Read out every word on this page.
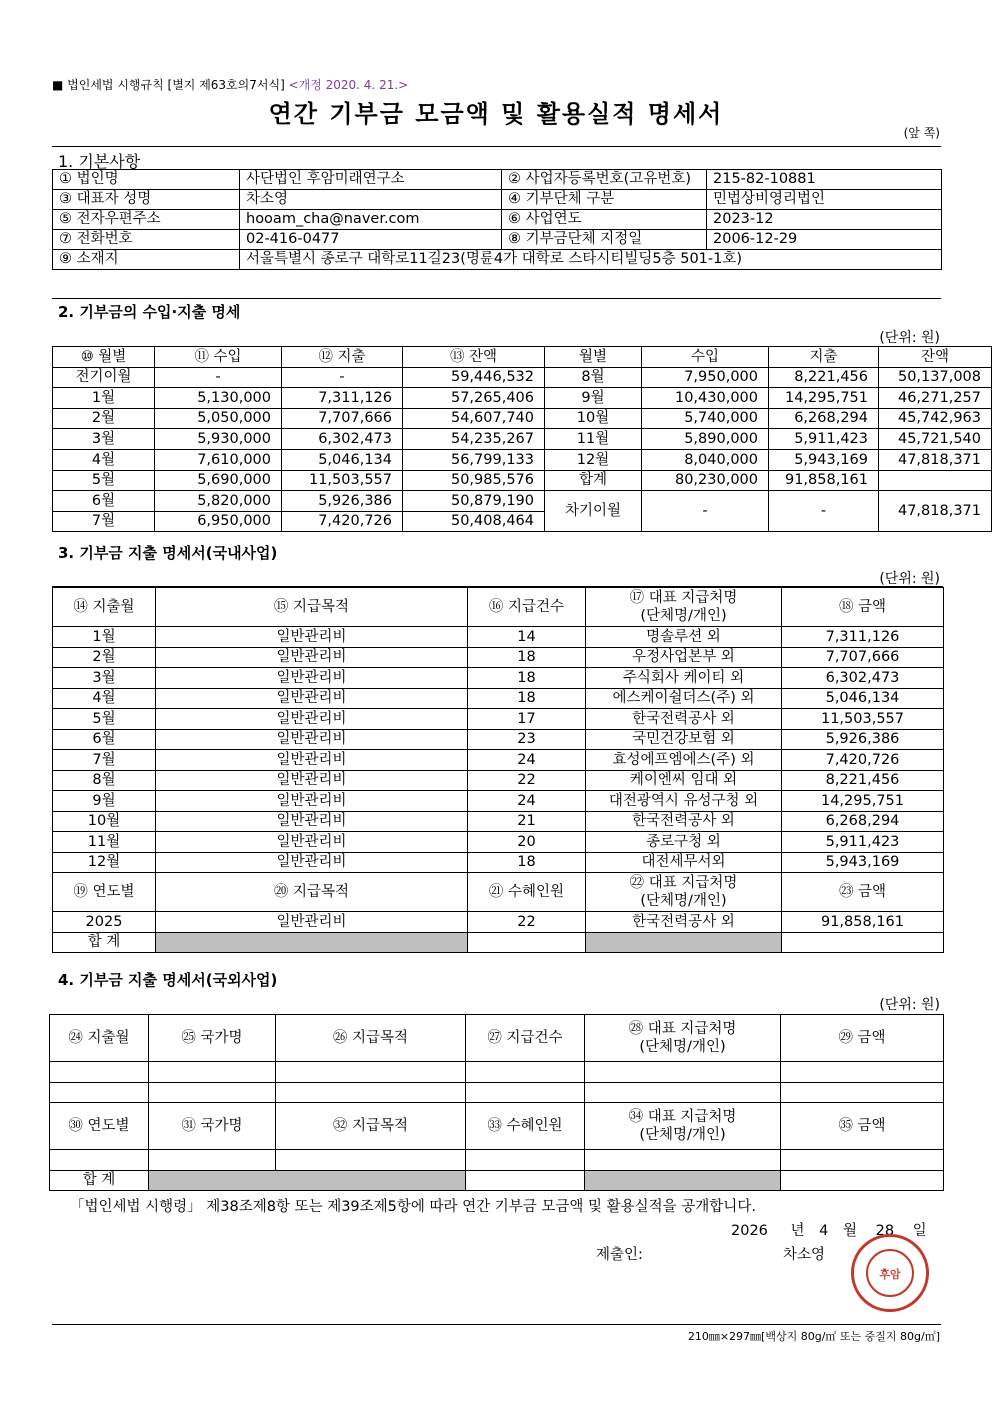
■ 법인세법 시행규칙 [별지 제63호의7서식] <개정 2020. 4. 21.>
연간 기부금 모금액 및 활용실적 명세서
(앞 쪽)
1. 기본사항
① 법인명	사단법인 후암미래연구소	② 사업자등록번호(고유번호)	215-82-10881
③ 대표자 성명	차소영	④ 기부단체 구분	민법상비영리법인
⑤ 전자우편주소	hooam_cha@naver.com	⑥ 사업연도	2023-12
⑦ 전화번호	02-416-0477	⑧ 기부금단체 지정일	2006-12-29
⑨ 소재지	서울특별시 종로구 대학로11길23(명륜4가 대학로 스타시티빌딩5층 501-1호)		
2. 기부금의 수입·지출 명세
(단위: 원)
⑩ 월별	⑪ 수입	⑫ 지출	⑬ 잔액	월별	수입	지출	잔액
전기이월	-	-	59,446,532	8월	7,950,000	8,221,456	50,137,008
1월	5,130,000	7,311,126	57,265,406	9월	10,430,000	14,295,751	46,271,257
2월	5,050,000	7,707,666	54,607,740	10월	5,740,000	6,268,294	45,742,963
3월	5,930,000	6,302,473	54,235,267	11월	5,890,000	5,911,423	45,721,540
4월	7,610,000	5,046,134	56,799,133	12월	8,040,000	5,943,169	47,818,371
5월	5,690,000	11,503,557	50,985,576	합계	80,230,000	91,858,161	
6월	5,820,000	5,926,386	50,879,190	차기이월	-	-	47,818,371
7월	6,950,000	7,420,726	50,408,464				
3. 기부금 지출 명세서(국내사업)
(단위: 원)
⑭ 지출월	⑮ 지급목적	⑯ 지급건수	⑰ 대표 지급처명
(단체명/개인)	⑱ 금액
1월	일반관리비	14	명솔루션 외	7,311,126
2월	일반관리비	18	우정사업본부 외	7,707,666
3월	일반관리비	18	주식회사 케이티 외	6,302,473
4월	일반관리비	18	에스케이쉴더스(주) 외	5,046,134
5월	일반관리비	17	한국전력공사 외	11,503,557
6월	일반관리비	23	국민건강보험 외	5,926,386
7월	일반관리비	24	효성에프엠에스(주) 외	7,420,726
8월	일반관리비	22	케이엔씨 임대 외	8,221,456
9월	일반관리비	24	대전광역시 유성구청 외	14,295,751
10월	일반관리비	21	한국전력공사 외	6,268,294
11월	일반관리비	20	종로구청 외	5,911,423
12월	일반관리비	18	대전세무서외	5,943,169
⑲ 연도별	⑳ 지급목적	㉑ 수혜인원	㉒ 대표 지급처명
(단체명/개인)	㉓ 금액
2025	일반관리비	22	한국전력공사 외	91,858,161
합 계				
4. 기부금 지출 명세서(국외사업)
(단위: 원)
㉔ 지출월	㉕ 국가명	㉖ 지급목적	㉗ 지급건수	㉘ 대표 지급처명
(단체명/개인)	㉙ 금액

㉚ 연도별	㉛ 국가명	㉜ 지급목적	㉝ 수혜인원	㉞ 대표 지급처명
(단체명/개인)	㉟ 금액

합 계					
「법인세법 시행령」 제38조제8항 또는 제39조제5항에 따라 연간 기부금 모금액 및 활용실적을 공개합니다.
2026 년 4 월 28 일
제출인:	차소영
후암
210㎜×297㎜[백상지 80g/㎡ 또는 중질지 80g/㎡]
